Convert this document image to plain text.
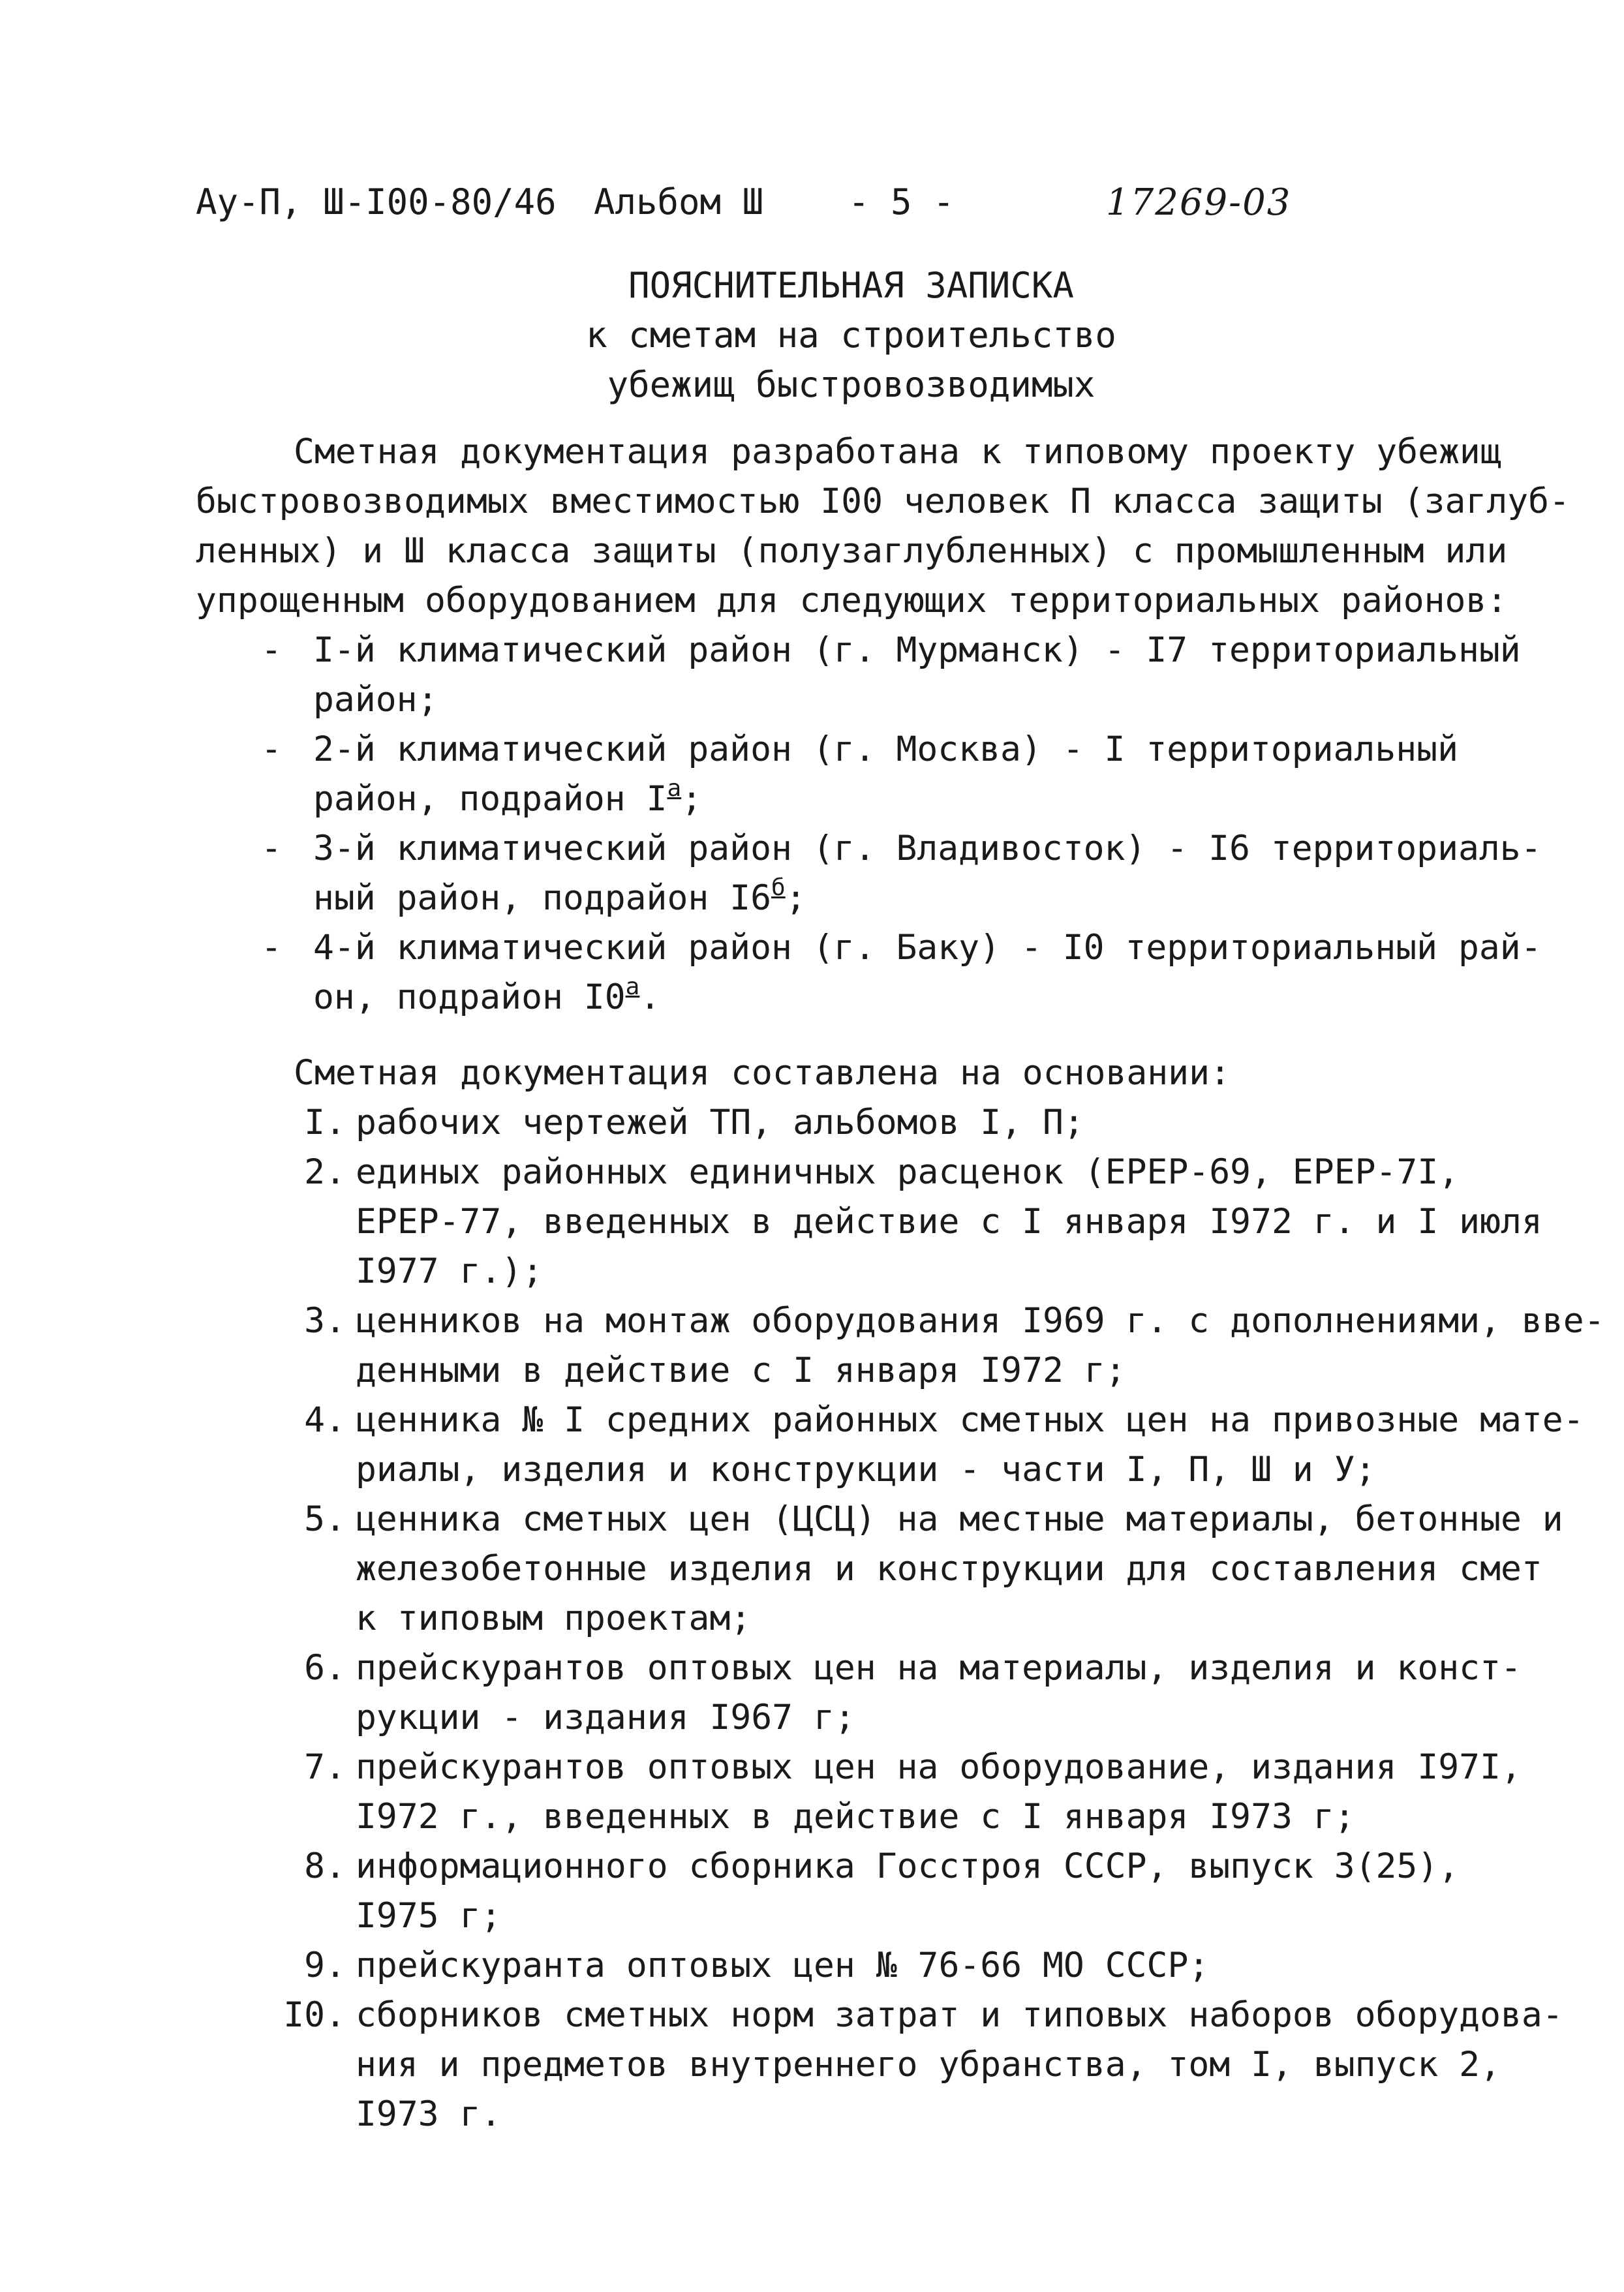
Ау-П, Ш-I00-80/46 Альбом Ш - 5 -	17269-03
ПОЯСНИТЕЛЬНАЯ ЗАПИСКА
к сметам на строительство
убежищ быстровозводимых
Сметная документация разработана к типовому проекту убежищ
быстровозводимых вместимостью I00 человек П класса защиты (заглуб-
ленных) и Ш класса защиты (полузаглубленных) с промышленным или
упрощенным оборудованием для следующих территориальных районов:
- I-й климатический район (г. Мурманск) - I7 территориальный
район;
- 2-й климатический район (г. Москва) - I территориальный
район, подрайон $I^а$;
- 3-й климатический район (г. Владивосток) - I6 территориаль-
ный район, подрайон $I6^б$;
- 4-й климатический район (г. Баку) - I0 территориальный рай-
он, подрайон $I0^а$.
Сметная документация составлена на основании:
I. рабочих чертежей ТП, альбомов I, П;
2. единых районных единичных расценок (ЕРЕР-69, ЕРЕР-7I,
ЕРЕР-77, введенных в действие с I января I972 г. и I июля
I977 г.);
3. ценников на монтаж оборудования I969 г. с дополнениями, вве-
денными в действие с I января I972 г;
4. ценника № I средних районных сметных цен на привозные мате-
риалы, изделия и конструкции - части I, П, Ш и У;
5. ценника сметных цен (ЦСЦ) на местные материалы, бетонные и
железобетонные изделия и конструкции для составления смет
к типовым проектам;
6. прейскурантов оптовых цен на материалы, изделия и конст-
рукции - издания I967 г;
7. прейскурантов оптовых цен на оборудование, издания I97I,
I972 г., введенных в действие с I января I973 г;
8. информационного сборника Госстроя СССР, выпуск 3(25),
I975 г;
9. прейскуранта оптовых цен № 76-66 МО СССР;
I0. сборников сметных норм затрат и типовых наборов оборудова-
ния и предметов внутреннего убранства, том I, выпуск 2,
I973 г.
